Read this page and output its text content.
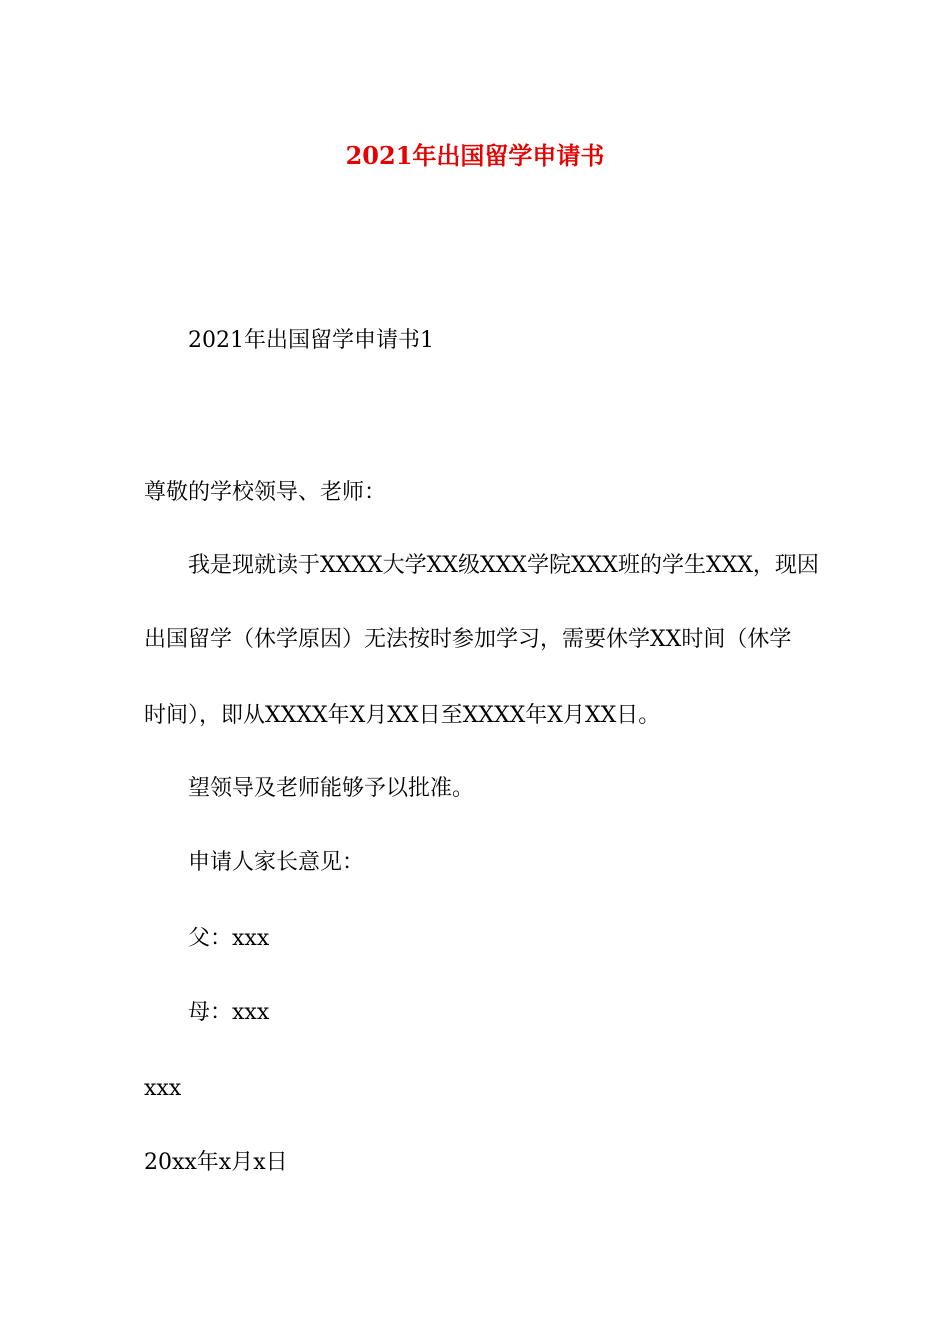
2021年出国留学申请书
2021年出国留学申请书1
尊敬的学校领导、老师：
我是现就读于XXXX大学XX级XXX学院XXX班的学生XXX，现因
出国留学（休学原因）无法按时参加学习，需要休学XX时间（休学
时间），即从XXXX年X月XX日至XXXX年X月XX日。
望领导及老师能够予以批准。
申请人家长意见：
父：xxx
母：xxx
xxx
20xx年x月x日
